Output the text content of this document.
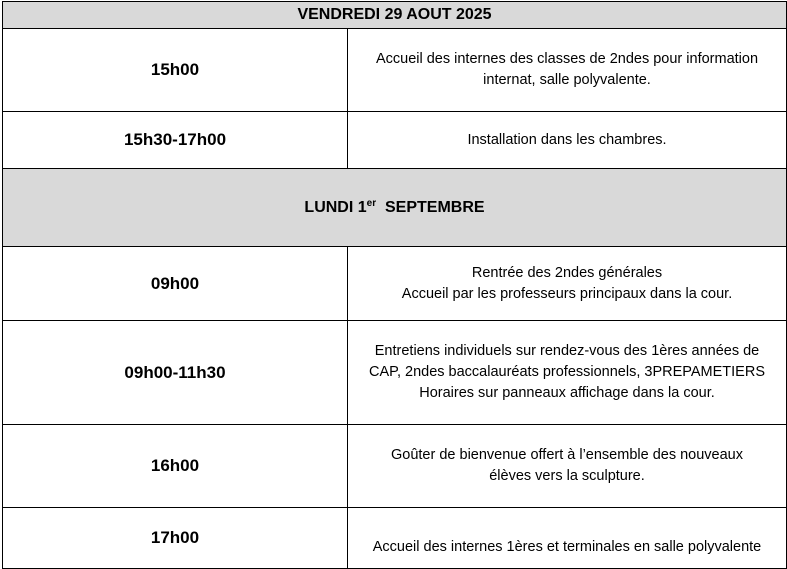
VENDREDI 29 AOUT 2025	
15h00	Accueil des internes des classes de 2ndes pour information
internat, salle polyvalente.

15h30-17h00	Installation dans les chambres.

LUNDI 1er SEPTEMBRE	
09h00	Rentrée des 2ndes générales
Accueil par les professeurs principaux dans la cour.

09h00-11h30	Entretiens individuels sur rendez-vous des 1ères années de
CAP, 2ndes baccalauréats professionnels, 3PREPAMETIERS
Horaires sur panneaux affichage dans la cour.

16h00	Goûter de bienvenue offert à l’ensemble des nouveaux
élèves vers la sculpture.

17h00	Accueil des internes 1ères et terminales en salle polyvalente
